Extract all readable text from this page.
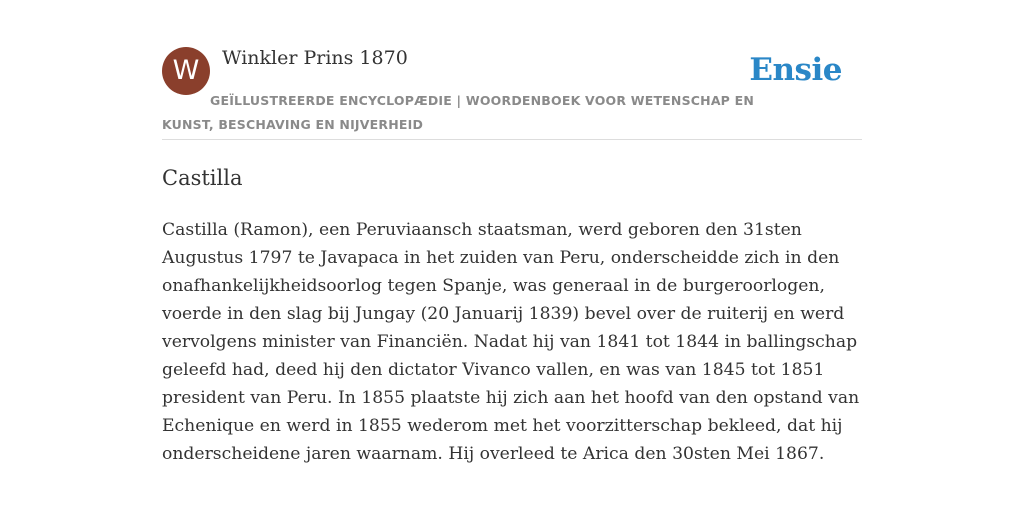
W	Winkler Prins 1870
GEÏLLUSTREERDE ENCYCLOPÆDIE | WOORDENBOEK VOOR WETENSCHAP EN KUNST, BESCHAVING EN NIJVERHEID
Ensie
Castilla

Castilla (Ramon), een Peruviaansch staatsman, werd geboren den 31sten Augustus 1797 te Javapaca in het zuiden van Peru, onderscheidde zich in den onafhankelijkheidsoorlog tegen Spanje, was generaal in de burgeroorlogen, voerde in den slag bij Jungay (20 Januarij 1839) bevel over de ruiterij en werd vervolgens minister van Financiën. Nadat hij van 1841 tot 1844 in ballingschap geleefd had, deed hij den dictator Vivanco vallen, en was van 1845 tot 1851 president van Peru. In 1855 plaatste hij zich aan het hoofd van den opstand van Echenique en werd in 1855 wederom met het voorzitterschap bekleed, dat hij onderscheidene jaren waarnam. Hij overleed te Arica den 30sten Mei 1867.
